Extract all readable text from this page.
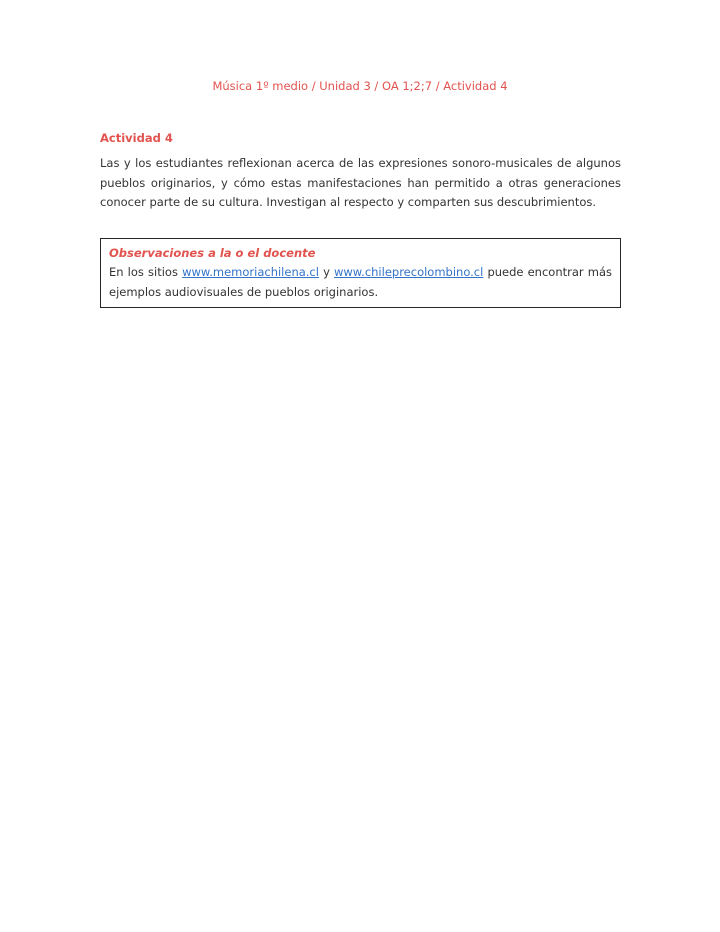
Música 1º medio / Unidad 3 / OA 1;2;7 / Actividad 4
Actividad 4

Las y los estudiantes reflexionan acerca de las expresiones sonoro-musicales de algunos pueblos originarios, y cómo estas manifestaciones han permitido a otras generaciones conocer parte de su cultura. Investigan al respecto y comparten sus descubrimientos.

Observaciones a la o el docente
En los sitios www.memoriachilena.cl y www.chileprecolombino.cl puede encontrar más ejemplos audiovisuales de pueblos originarios.
